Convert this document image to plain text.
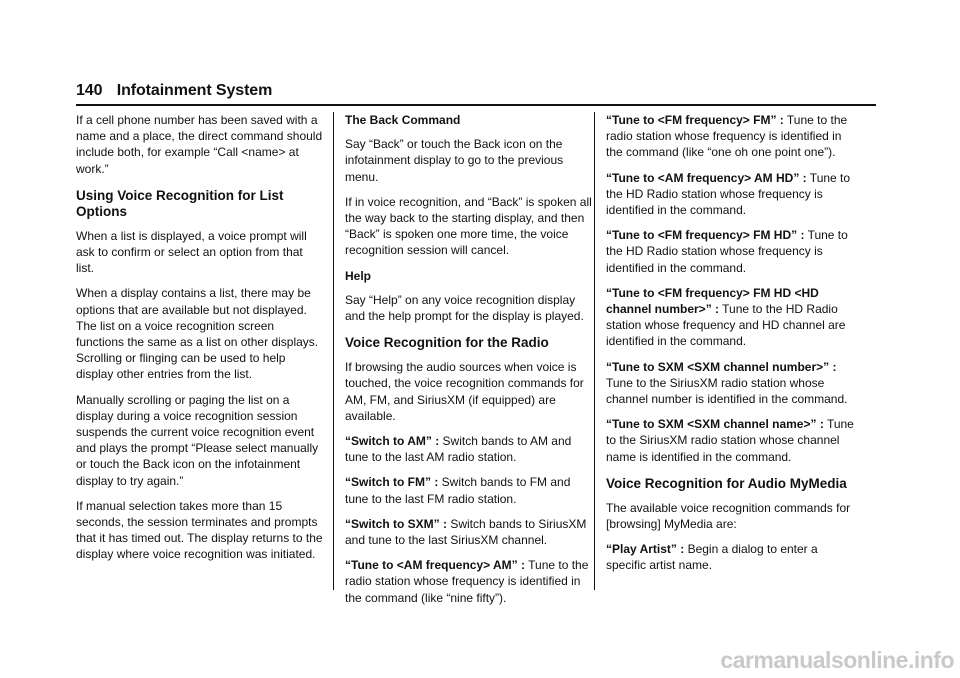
140 Infotainment System

If a cell phone number has been saved with a name and a place, the direct command should include both, for example “Call <name> at work.”

Using Voice Recognition for List Options

When a list is displayed, a voice prompt will ask to confirm or select an option from that list.

When a display contains a list, there may be options that are available but not displayed. The list on a voice recognition screen functions the same as a list on other displays. Scrolling or flinging can be used to help display other entries from the list.

Manually scrolling or paging the list on a display during a voice recognition session suspends the current voice recognition event and plays the prompt “Please select manually or touch the Back icon on the infotainment display to try again.”

If manual selection takes more than 15 seconds, the session terminates and prompts that it has timed out. The display returns to the display where voice recognition was initiated.

The Back Command

Say “Back” or touch the Back icon on the infotainment display to go to the previous menu.

If in voice recognition, and “Back” is spoken all the way back to the starting display, and then “Back” is spoken one more time, the voice recognition session will cancel.

Help

Say “Help” on any voice recognition display and the help prompt for the display is played.

Voice Recognition for the Radio

If browsing the audio sources when voice is touched, the voice recognition commands for AM, FM, and SiriusXM (if equipped) are available.

“Switch to AM” : Switch bands to AM and tune to the last AM radio station.

“Switch to FM” : Switch bands to FM and tune to the last FM radio station.

“Switch to SXM” : Switch bands to SiriusXM and tune to the last SiriusXM channel.

“Tune to <AM frequency> AM” : Tune to the radio station whose frequency is identified in the command (like “nine fifty”).

“Tune to <FM frequency> FM” : Tune to the radio station whose frequency is identified in the command (like “one oh one point one”).

“Tune to <AM frequency> AM HD” : Tune to the HD Radio station whose frequency is identified in the command.

“Tune to <FM frequency> FM HD” : Tune to the HD Radio station whose frequency is identified in the command.

“Tune to <FM frequency> FM HD <HD channel number>” : Tune to the HD Radio station whose frequency and HD channel are identified in the command.

“Tune to SXM <SXM channel number>” : Tune to the SiriusXM radio station whose channel number is identified in the command.

“Tune to SXM <SXM channel name>” : Tune to the SiriusXM radio station whose channel name is identified in the command.

Voice Recognition for Audio MyMedia

The available voice recognition commands for [browsing] MyMedia are:

“Play Artist” : Begin a dialog to enter a specific artist name.

carmanualsonline.info
